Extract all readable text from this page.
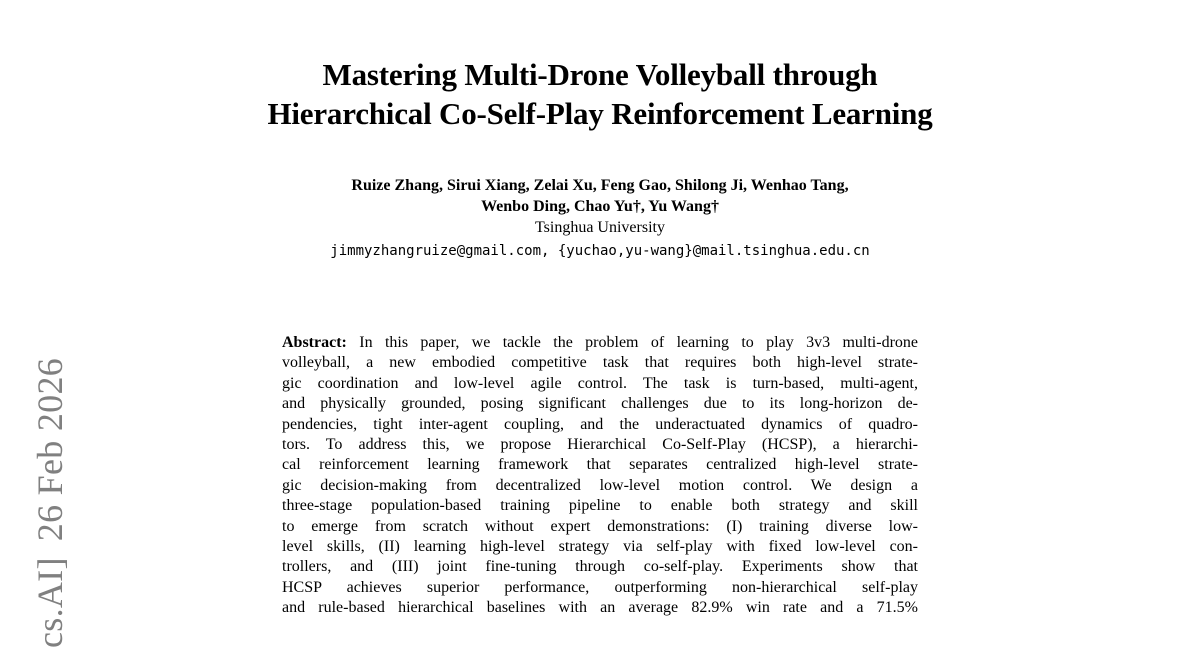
Mastering Multi-Drone Volleyball through
Hierarchical Co-Self-Play Reinforcement Learning
Ruize Zhang, Sirui Xiang, Zelai Xu, Feng Gao, Shilong Ji, Wenhao Tang,
Wenbo Ding, Chao Yu†, Yu Wang†
Tsinghua University
jimmyzhangruize@gmail.com, {yuchao,yu-wang}@mail.tsinghua.edu.cn
Abstract: In this paper, we tackle the problem of learning to play 3v3 multi-drone
volleyball, a new embodied competitive task that requires both high-level strate-
gic coordination and low-level agile control. The task is turn-based, multi-agent,
and physically grounded, posing significant challenges due to its long-horizon de-
pendencies, tight inter-agent coupling, and the underactuated dynamics of quadro-
tors. To address this, we propose Hierarchical Co-Self-Play (HCSP), a hierarchi-
cal reinforcement learning framework that separates centralized high-level strate-
gic decision-making from decentralized low-level motion control. We design a
three-stage population-based training pipeline to enable both strategy and skill
to emerge from scratch without expert demonstrations: (I) training diverse low-
level skills, (II) learning high-level strategy via self-play with fixed low-level con-
trollers, and (III) joint fine-tuning through co-self-play. Experiments show that
HCSP achieves superior performance, outperforming non-hierarchical self-play
and rule-based hierarchical baselines with an average 82.9% win rate and a 71.5%
cs.AI]26 Feb 2026
